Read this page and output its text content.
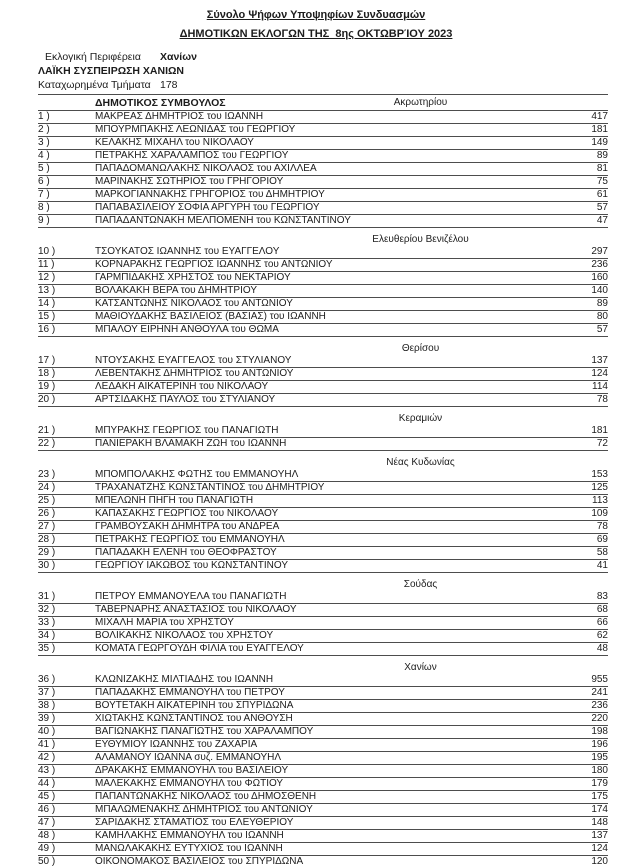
Σύνολο Ψήφων Υποψηφίων Συνδυασμών
ΔΗΜΟΤΙΚΩΝ ΕΚΛΟΓΩΝ ΤΗΣ  8ης ΟΚΤΩΒΡΊΟΥ 2023
Εκλογική Περιφέρεια Χανίων
ΛΑΪΚΗ ΣΥΣΠΕΙΡΩΣΗ ΧΑΝΙΩΝ
Καταχωρημένα Τμήματα 178
ΔΗΜΟΤΙΚΟΣ ΣΥΜΒΟΥΛΟΣ	Ακρωτηρίου
1 )	ΜΑΚΡΕΑΣ ΔΗΜΗΤΡΙΟΣ του ΙΩΑΝΝΗ	417
2 )	ΜΠΟΥΡΜΠΑΚΗΣ ΛΕΩΝΙΔΑΣ του ΓΕΩΡΓΙΟΥ	181
3 )	ΚΕΛΑΚΗΣ ΜΙΧΑΗΛ του ΝΙΚΟΛΑΟΥ	149
4 )	ΠΕΤΡΑΚΗΣ ΧΑΡΑΛΑΜΠΟΣ του ΓΕΩΡΓΙΟΥ	89
5 )	ΠΑΠΑΔΟΜΑΝΩΛΑΚΗΣ ΝΙΚΟΛΑΟΣ του ΑΧΙΛΛΕΑ	81
6 )	ΜΑΡΙΝΑΚΗΣ ΣΩΤΗΡΙΟΣ του ΓΡΗΓΟΡΙΟΥ	75
7 )	ΜΑΡΚΟΓΙΑΝΝΑΚΗΣ ΓΡΗΓΟΡΙΟΣ του ΔΗΜΗΤΡΙΟΥ	61
8 )	ΠΑΠΑΒΑΣΙΛΕΙΟΥ ΣΟΦΙΑ ΑΡΓΥΡΗ του ΓΕΩΡΓΙΟΥ	57
9 )	ΠΑΠΑΔΑΝΤΩΝΑΚΗ ΜΕΛΠΟΜΕΝΗ του ΚΩΝΣΤΑΝΤΙΝΟΥ	47
Ελευθερίου Βενιζέλου
10 )	ΤΣΟΥΚΑΤΟΣ ΙΩΑΝΝΗΣ του ΕΥΑΓΓΕΛΟΥ	297
11 )	ΚΟΡΝΑΡΑΚΗΣ ΓΕΩΡΓΙΟΣ ΙΩΑΝΝΗΣ του ΑΝΤΩΝΙΟΥ	236
12 )	ΓΑΡΜΠΙΔΑΚΗΣ ΧΡΗΣΤΟΣ του ΝΕΚΤΑΡΙΟΥ	160
13 )	ΒΟΛΑΚΑΚΗ ΒΕΡΑ του ΔΗΜΗΤΡΙΟΥ	140
14 )	ΚΑΤΣΑΝΤΩΝΗΣ ΝΙΚΟΛΑΟΣ του ΑΝΤΩΝΙΟΥ	89
15 )	ΜΑΘΙΟΥΔΑΚΗΣ ΒΑΣΙΛΕΙΟΣ (ΒΑΣΙΑΣ) του ΙΩΑΝΝΗ	80
16 )	ΜΠΑΛΟΥ ΕΙΡΗΝΗ ΑΝΘΟΥΛΑ του ΘΩΜΑ	57
Θερίσου
17 )	ΝΤΟΥΣΑΚΗΣ ΕΥΑΓΓΕΛΟΣ του ΣΤΥΛΙΑΝΟΥ	137
18 )	ΛΕΒΕΝΤΑΚΗΣ ΔΗΜΗΤΡΙΟΣ του ΑΝΤΩΝΙΟΥ	124
19 )	ΛΕΔΑΚΗ ΑΙΚΑΤΕΡΙΝΗ του ΝΙΚΟΛΑΟΥ	114
20 )	ΑΡΤΣΙΔΑΚΗΣ ΠΑΥΛΟΣ του ΣΤΥΛΙΑΝΟΥ	78
Κεραμιών
21 )	ΜΠΥΡΑΚΗΣ ΓΕΩΡΓΙΟΣ του ΠΑΝΑΓΙΩΤΗ	181
22 )	ΠΑΝΙΕΡΑΚΗ ΒΛΑΜΑΚΗ ΖΩΗ του ΙΩΑΝΝΗ	72
Νέας Κυδωνίας
23 )	ΜΠΟΜΠΟΛΑΚΗΣ ΦΩΤΗΣ του ΕΜΜΑΝΟΥΗΛ	153
24 )	ΤΡΑΧΑΝΑΤΖΗΣ ΚΩΝΣΤΑΝΤΙΝΟΣ του ΔΗΜΗΤΡΙΟΥ	125
25 )	ΜΠΕΛΩΝΗ ΠΗΓΗ του ΠΑΝΑΓΙΩΤΗ	113
26 )	ΚΑΠΑΣΑΚΗΣ ΓΕΩΡΓΙΟΣ του ΝΙΚΟΛΑΟΥ	109
27 )	ΓΡΑΜΒΟΥΣΑΚΗ ΔΗΜΗΤΡΑ του ΑΝΔΡΕΑ	78
28 )	ΠΕΤΡΑΚΗΣ ΓΕΩΡΓΙΟΣ του ΕΜΜΑΝΟΥΗΛ	69
29 )	ΠΑΠΑΔΑΚΗ ΕΛΕΝΗ του ΘΕΟΦΡΑΣΤΟΥ	58
30 )	ΓΕΩΡΓΙΟΥ ΙΑΚΩΒΟΣ του ΚΩΝΣΤΑΝΤΙΝΟΥ	41
Σούδας
31 )	ΠΕΤΡΟΥ ΕΜΜΑΝΟΥΕΛΑ του ΠΑΝΑΓΙΩΤΗ	83
32 )	ΤΑΒΕΡΝΑΡΗΣ ΑΝΑΣΤΑΣΙΟΣ του ΝΙΚΟΛΑΟΥ	68
33 )	ΜΙΧΑΛΗ ΜΑΡΙΑ του ΧΡΗΣΤΟΥ	66
34 )	ΒΟΛΙΚΑΚΗΣ ΝΙΚΟΛΑΟΣ του ΧΡΗΣΤΟΥ	62
35 )	ΚΟΜΑΤΑ ΓΕΩΡΓΟΥΔΗ ΦΙΛΙΑ του ΕΥΑΓΓΕΛΟΥ	48
Χανίων
36 )	ΚΛΩΝΙΖΑΚΗΣ ΜΙΛΤΙΑΔΗΣ του ΙΩΑΝΝΗ	955
37 )	ΠΑΠΑΔΑΚΗΣ ΕΜΜΑΝΟΥΗΛ του ΠΕΤΡΟΥ	241
38 )	ΒΟΥΤΕΤΑΚΗ ΑΙΚΑΤΕΡΙΝΗ του ΣΠΥΡΙΔΩΝΑ	236
39 )	ΧΙΩΤΑΚΗΣ ΚΩΝΣΤΑΝΤΙΝΟΣ του ΑΝΘΟΥΣΗ	220
40 )	ΒΑΓΙΩΝΑΚΗΣ ΠΑΝΑΓΙΩΤΗΣ του ΧΑΡΑΛΑΜΠΟΥ	198
41 )	ΕΥΘΥΜΙΟΥ ΙΩΑΝΝΗΣ του ΖΑΧΑΡΙΑ	196
42 )	ΑΛΑΜΑΝΟΥ ΙΩΑΝΝΑ συζ. ΕΜΜΑΝΟΥΗΛ	195
43 )	ΔΡΑΚΑΚΗΣ ΕΜΜΑΝΟΥΗΛ του ΒΑΣΙΛΕΙΟΥ	180
44 )	ΜΑΛΕΚΑΚΗΣ ΕΜΜΑΝΟΥΗΛ του ΦΩΤΙΟΥ	179
45 )	ΠΑΠΑΝΤΩΝΑΚΗΣ ΝΙΚΟΛΑΟΣ του ΔΗΜΟΣΘΕΝΗ	175
46 )	ΜΠΑΛΩΜΕΝΑΚΗΣ ΔΗΜΗΤΡΙΟΣ του ΑΝΤΩΝΙΟΥ	174
47 )	ΣΑΡΙΔΑΚΗΣ ΣΤΑΜΑΤΙΟΣ του ΕΛΕΥΘΕΡΙΟΥ	148
48 )	ΚΑΜΗΛΑΚΗΣ ΕΜΜΑΝΟΥΗΛ του ΙΩΑΝΝΗ	137
49 )	ΜΑΝΩΛΑΚΑΚΗΣ ΕΥΤΥΧΙΟΣ του ΙΩΑΝΝΗ	124
50 )	ΟΙΚΟΝΟΜΑΚΟΣ ΒΑΣΙΛΕΙΟΣ του ΣΠΥΡΙΔΩΝΑ	120
